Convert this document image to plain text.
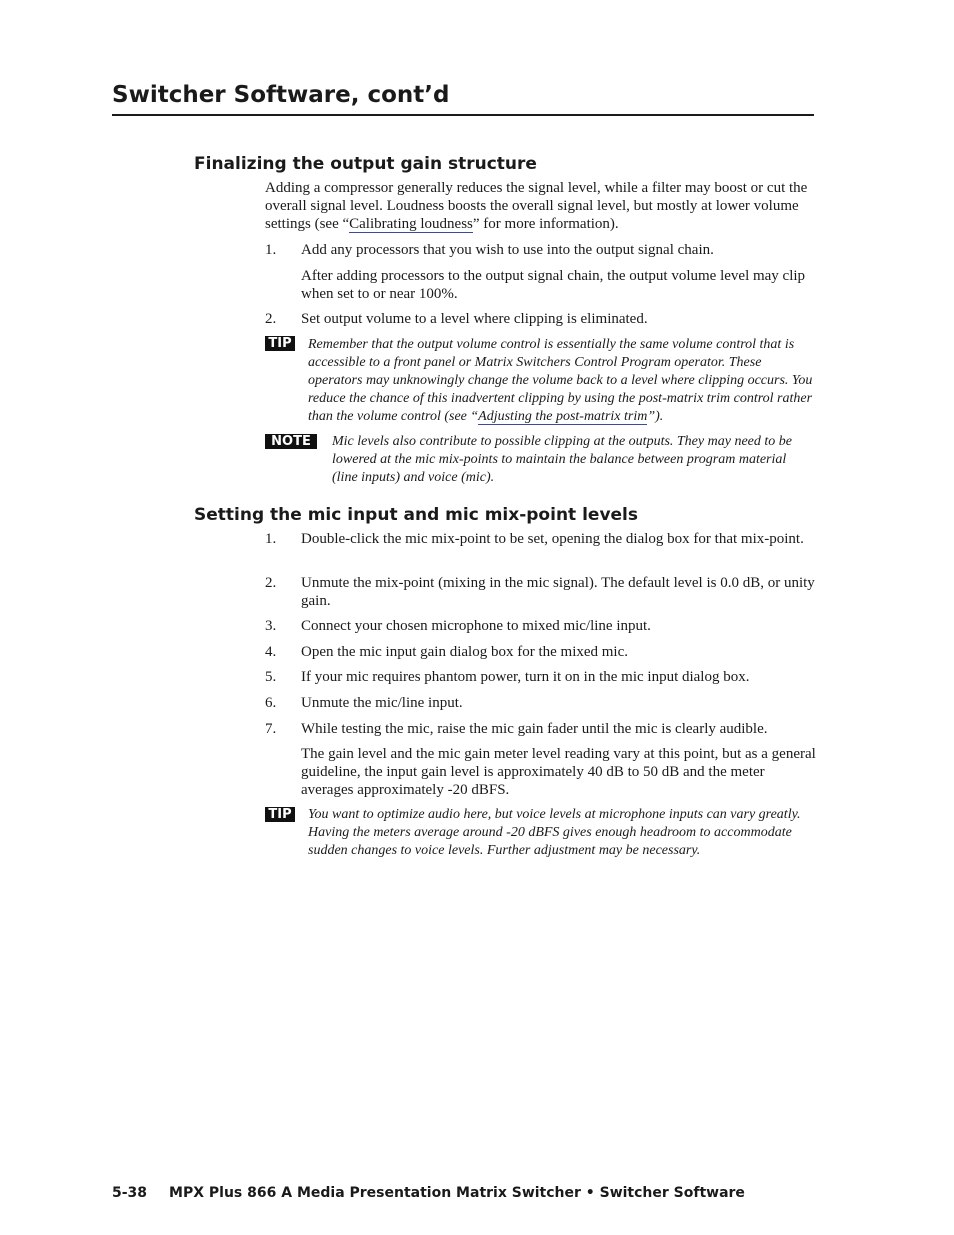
Switcher Software, cont’d
Finalizing the output gain structure

Adding a compressor generally reduces the signal level, while a filter may boost or cut the overall signal level. Loudness boosts the overall signal level, but mostly at lower volume settings (see “Calibrating loudness” for more information).

1. Add any processors that you wish to use into the output signal chain.

After adding processors to the output signal chain, the output volume level may clip when set to or near 100%.

2. Set output volume to a level where clipping is eliminated.
TIP Remember that the output volume control is essentially the same volume control that is accessible to a front panel or Matrix Switchers Control Program operator. These operators may unknowingly change the volume back to a level where clipping occurs. You reduce the chance of this inadvertent clipping by using the post-matrix trim control rather than the volume control (see “Adjusting the post-matrix trim”).

NOTE	Mic levels also contribute to possible clipping at the outputs. They may need to be lowered at the mic mix-points to maintain the balance between program material (line inputs) and voice (mic).

Setting the mic input and mic mix-point levels
1. Double-click the mic mix-point to be set, opening the dialog box for that mix-point.
2. Unmute the mix-point (mixing in the mic signal). The default level is 0.0 dB, or unity gain.
3. Connect your chosen microphone to mixed mic/line input.
4. Open the mic input gain dialog box for the mixed mic.
5. If your mic requires phantom power, turn it on in the mic input dialog box.
6. Unmute the mic/line input.
7. While testing the mic, raise the mic gain fader until the mic is clearly audible.

The gain level and the mic gain meter level reading vary at this point, but as a general guideline, the input gain level is approximately 40 dB to 50 dB and the meter averages approximately -20 dBFS.

TIP You want to optimize audio here, but voice levels at microphone inputs can vary greatly. Having the meters average around -20 dBFS gives enough headroom to accommodate sudden changes to voice levels. Further adjustment may be necessary.

5-38 MPX Plus 866 A Media Presentation Matrix Switcher • Switcher Software
